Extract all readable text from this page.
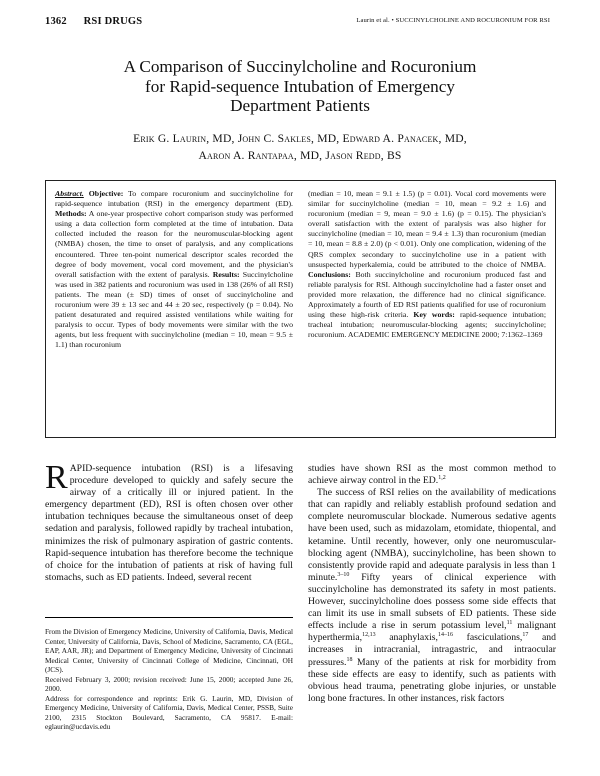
1362 RSI DRUGS	Laurin et al. • SUCCINYLCHOLINE AND ROCURONIUM FOR RSI
A Comparison of Succinylcholine and Rocuronium
for Rapid-sequence Intubation of Emergency
Department Patients
Erik G. Laurin, MD, John C. Sakles, MD, Edward A. Panacek, MD,
Aaron A. Rantapaa, MD, Jason Redd, BS
Abstract. Objective: To compare rocuronium and succinylcholine for rapid-sequence intubation (RSI) in the emergency department (ED). Methods: A one-year prospective cohort comparison study was performed using a data collection form completed at the time of intubation. Data collected included the reason for the neuromuscular-blocking agent (NMBA) chosen, the time to onset of paralysis, and any complications encountered. Three ten-point numerical descriptor scales recorded the degree of body movement, vocal cord movement, and the physician's overall satisfaction with the extent of paralysis. Results: Succinylcholine was used in 382 patients and rocuronium was used in 138 (26% of all RSI) patients. The mean (± SD) times of onset of succinylcholine and rocuronium were 39 ± 13 sec and 44 ± 20 sec, respectively (p = 0.04). No patient desaturated and required assisted ventilations while waiting for paralysis to occur. Types of body movements were similar with the two agents, but less frequent with succinylcholine (median = 10, mean = 9.5 ± 1.1) than rocuronium
(median = 10, mean = 9.1 ± 1.5) (p = 0.01). Vocal cord movements were similar for succinylcholine (median = 10, mean = 9.2 ± 1.6) and rocuronium (median = 9, mean = 9.0 ± 1.6) (p = 0.15). The physician's overall satisfaction with the extent of paralysis was also higher for succinylcholine (median = 10, mean = 9.4 ± 1.3) than rocuronium (median = 10, mean = 8.8 ± 2.0) (p < 0.01). Only one complication, widening of the QRS complex secondary to succinylcholine use in a patient with unsuspected hyperkalemia, could be attributed to the choice of NMBA. Conclusions: Both succinylcholine and rocuronium produced fast and reliable paralysis for RSI. Although succinylcholine had a faster onset and provided more relaxation, the difference had no clinical significance. Approximately a fourth of ED RSI patients qualified for use of rocuronium using these high-risk criteria. Key words: rapid-sequence intubation; tracheal intubation; neuromuscular-blocking agents; succinylcholine; rocuronium. ACADEMIC EMERGENCY MEDICINE 2000; 7:1362–1369

RAPID-sequence intubation (RSI) is a lifesaving procedure developed to quickly and safely secure the airway of a critically ill or injured patient. In the emergency department (ED), RSI is often chosen over other intubation techniques because the simultaneous onset of deep sedation and paralysis, followed rapidly by tracheal intubation, minimizes the risk of pulmonary aspiration of gastric contents. Rapid-sequence intubation has therefore become the technique of choice for the intubation of patients at risk of having full stomachs, such as ED patients. Indeed, several recent

From the Division of Emergency Medicine, University of California, Davis, Medical Center, University of California, Davis, School of Medicine, Sacramento, CA (EGL, EAP, AAR, JR); and Department of Emergency Medicine, University of Cincinnati Medical Center, University of Cincinnati College of Medicine, Cincinnati, OH (JCS).

Received February 3, 2000; revision received: June 15, 2000; accepted June 26, 2000.

Address for correspondence and reprints: Erik G. Laurin, MD, Division of Emergency Medicine, University of California, Davis, Medical Center, PSSB, Suite 2100, 2315 Stockton Boulevard, Sacramento, CA 95817. E-mail: eglaurin@ucdavis.edu

studies have shown RSI as the most common method to achieve airway control in the ED.$^{1,2}$

The success of RSI relies on the availability of medications that can rapidly and reliably establish profound sedation and complete neuromuscular blockade. Numerous sedative agents have been used, such as midazolam, etomidate, thiopental, and ketamine. Until recently, however, only one neuromuscular-blocking agent (NMBA), succinylcholine, has been shown to consistently provide rapid and adequate paralysis in less than 1 minute.$^{3-10}$ Fifty years of clinical experience with succinylcholine has demonstrated its safety in most patients. However, succinylcholine does possess some side effects that can limit its use in small subsets of ED patients. These side effects include a rise in serum potassium level,$^{11}$ malignant hyperthermia,$^{12,13}$ anaphylaxis,$^{14-16}$ fasciculations,$^{17}$ and increases in intracranial, intragastric, and intraocular pressures.$^{18}$ Many of the patients at risk for morbidity from these side effects are easy to identify, such as patients with obvious head trauma, penetrating globe injuries, or unstable long bone fractures. In other instances, risk factors
